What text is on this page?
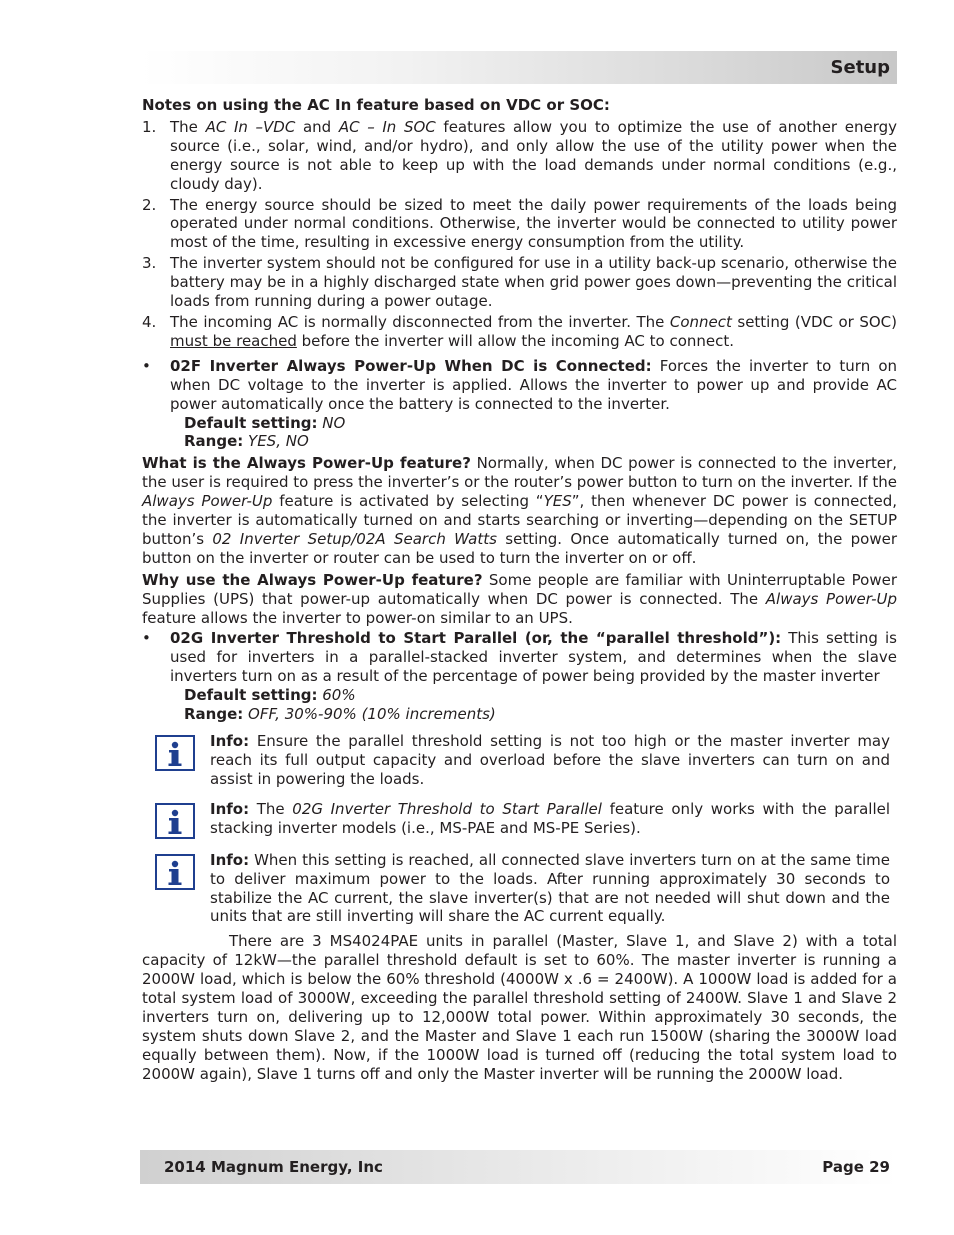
Setup

Notes on using the AC In feature based on VDC or SOC:

1. The AC In –VDC and AC – In SOC features allow you to optimize the use of another energy source (i.e., solar, wind, and/or hydro), and only allow the use of the utility power when the energy source is not able to keep up with the load demands under normal conditions (e.g., cloudy day).
2. The energy source should be sized to meet the daily power requirements of the loads being operated under normal conditions. Otherwise, the inverter would be connected to utility power most of the time, resulting in excessive energy consumption from the utility.
3. The inverter system should not be configured for use in a utility back-up scenario, otherwise the battery may be in a highly discharged state when grid power goes down—preventing the critical loads from running during a power outage.
4. The incoming AC is normally disconnected from the inverter. The Connect setting (VDC or SOC) must be reached before the inverter will allow the incoming AC to connect.
• 02F Inverter Always Power-Up When DC is Connected: Forces the inverter to turn on when DC voltage to the inverter is applied. Allows the inverter to power up and provide AC power automatically once the battery is connected to the inverter.

Default setting: NO

Range: YES, NO

What is the Always Power-Up feature? Normally, when DC power is connected to the inverter, the user is required to press the inverter’s or the router’s power button to turn on the inverter. If the Always Power-Up feature is activated by selecting “YES”, then whenever DC power is connected, the inverter is automatically turned on and starts searching or inverting—depending on the SETUP button’s 02 Inverter Setup/02A Search Watts setting. Once automatically turned on, the power button on the inverter or router can be used to turn the inverter on or off.

Why use the Always Power-Up feature? Some people are familiar with Uninterruptable Power Supplies (UPS) that power-up automatically when DC power is connected. The Always Power-Up feature allows the inverter to power-on similar to an UPS.

• 02G Inverter Threshold to Start Parallel (or, the “parallel threshold”): This setting is used for inverters in a parallel-stacked inverter system, and determines when the slave inverters turn on as a result of the percentage of power being provided by the master inverter

Default setting: 60%

Range: OFF, 30%-90% (10% increments)

Info: Ensure the parallel threshold setting is not too high or the master inverter may reach its full output capacity and overload before the slave inverters can turn on and assist in powering the loads.

Info: The 02G Inverter Threshold to Start Parallel feature only works with the parallel stacking inverter models (i.e., MS-PAE and MS-PE Series).

Info: When this setting is reached, all connected slave inverters turn on at the same time to deliver maximum power to the loads. After running approximately 30 seconds to stabilize the AC current, the slave inverter(s) that are not needed will shut down and the units that are still inverting will share the AC current equally.

There are 3 MS4024PAE units in parallel (Master, Slave 1, and Slave 2) with a total capacity of 12kW—the parallel threshold default is set to 60%. The master inverter is running a 2000W load, which is below the 60% threshold (4000W x .6 = 2400W). A 1000W load is added for a total system load of 3000W, exceeding the parallel threshold setting of 2400W. Slave 1 and Slave 2 inverters turn on, delivering up to 12,000W total power. Within approximately 30 seconds, the system shuts down Slave 2, and the Master and Slave 1 each run 1500W (sharing the 3000W load equally between them). Now, if the 1000W load is turned off (reducing the total system load to 2000W again), Slave 1 turns off and only the Master inverter will be running the 2000W load.

2014 Magnum Energy, Inc	Page 29
